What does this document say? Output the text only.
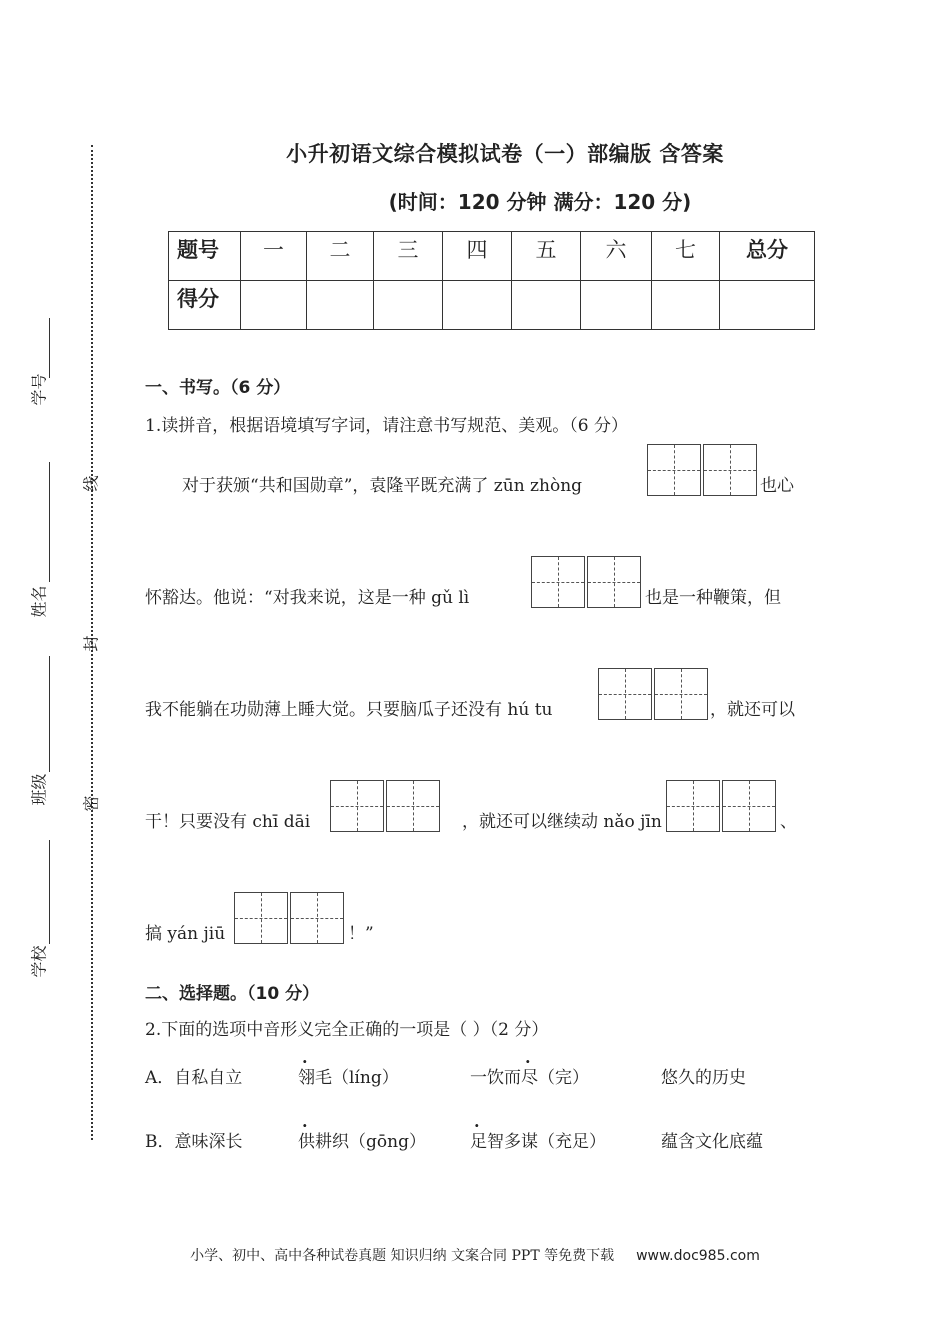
学号
姓名
班级
学校
线
封
密
小升初语文综合模拟试卷（一）部编版 含答案
(时间：120 分钟 满分：120 分)
题号	一	二	三	四	五	六	七	总分
得分								
一、书写。（6 分）
1.读拼音，根据语境填写字词，请注意书写规范、美观。（6 分）
对于获颁“共和国勋章”，袁隆平既充满了 zūn zhòng	也心
怀豁达。他说：“对我来说，这是一种 gǔ lì	也是一种鞭策，但
我不能躺在功勋薄上睡大觉。只要脑瓜子还没有 hú tu	，就还可以
干！只要没有 chī dāi	，就还可以继续动 nǎo jīn	、
搞 yán jiū	！”
二、选择题。（10 分）
2.下面的选项中音形义完全正确的一项是（ ）（2 分）
A．自私自立	翎毛（líng）	一饮而尽（完）	悠久的历史
B．意味深长	供耕织（gōng）	足智多谋（充足）	蕴含文化底蕴
小学、初中、高中各种试卷真题 知识归纳 文案合同 PPT 等免费下载 www.doc985.com
